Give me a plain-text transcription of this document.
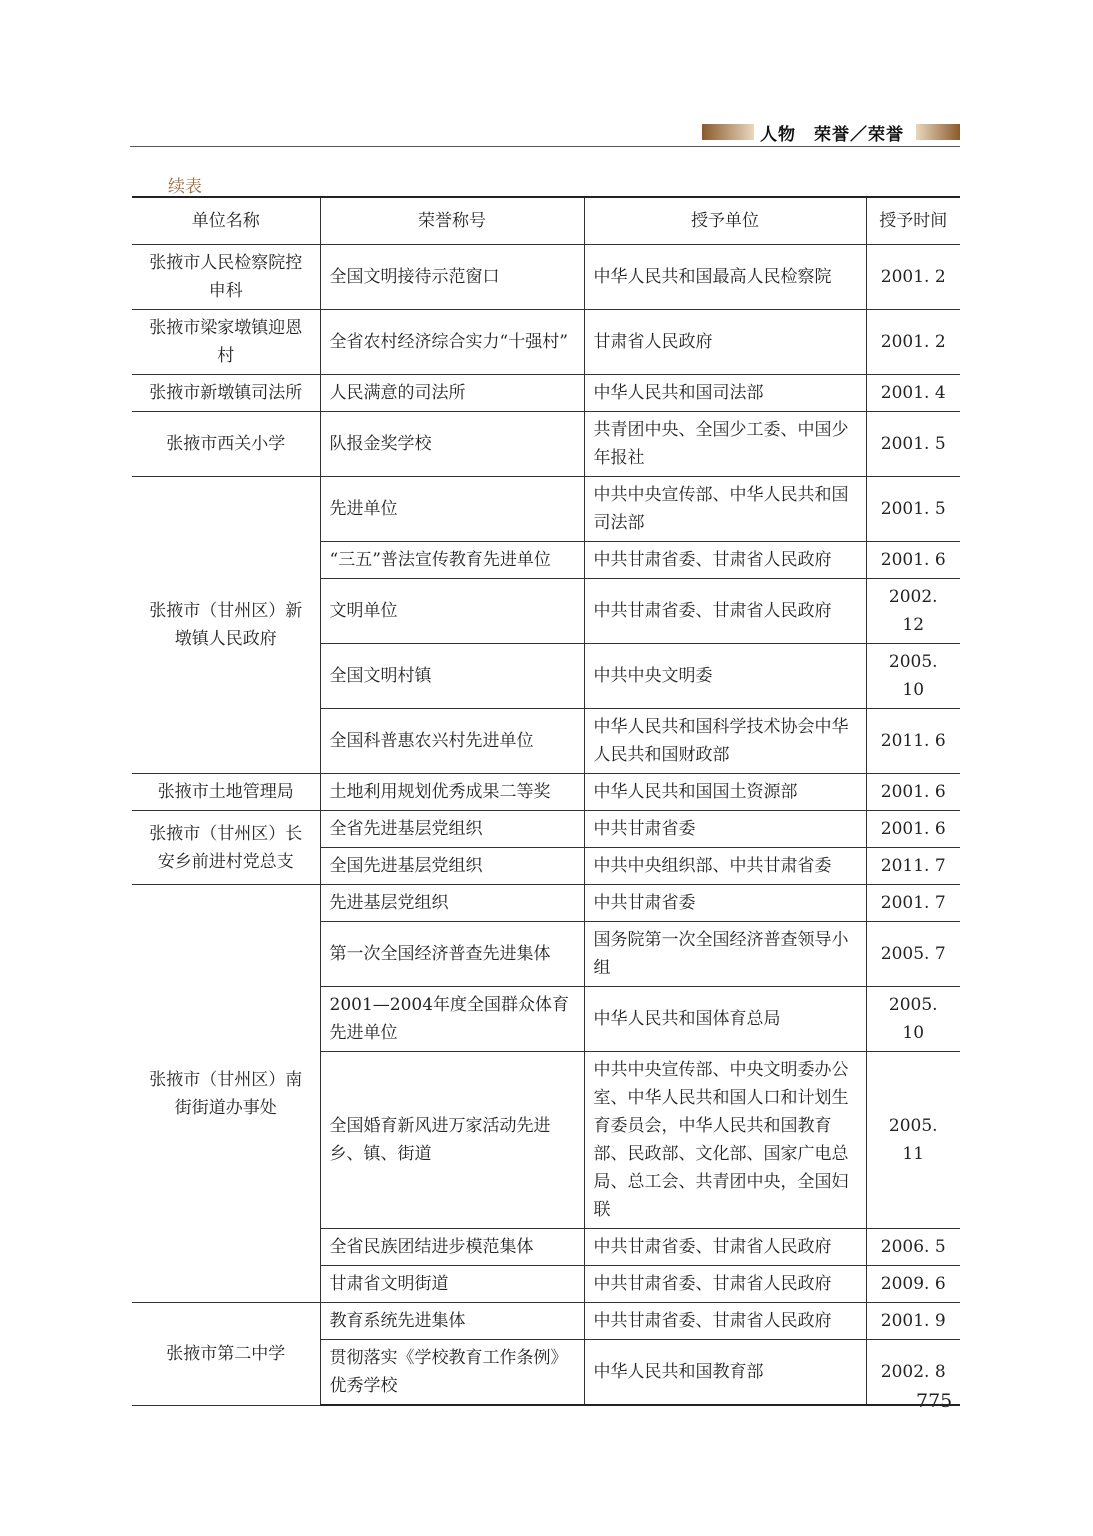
人物　荣誉／荣誉
续表
单位名称	荣誉称号	授予单位	授予时间
张掖市人民检察院控申科	全国文明接待示范窗口	中华人民共和国最高人民检察院	2001. 2
张掖市梁家墩镇迎恩村	全省农村经济综合实力“十强村”	甘肃省人民政府	2001. 2
张掖市新墩镇司法所	人民满意的司法所	中华人民共和国司法部	2001. 4
张掖市西关小学	队报金奖学校	共青团中央、全国少工委、中国少年报社	2001. 5
张掖市（甘州区）新墩镇人民政府	先进单位	中共中央宣传部、中华人民共和国司法部	2001. 5
	“三五”普法宣传教育先进单位	中共甘肃省委、甘肃省人民政府	2001. 6
	文明单位	中共甘肃省委、甘肃省人民政府	2002. 12
	全国文明村镇	中共中央文明委	2005. 10
	全国科普惠农兴村先进单位	中华人民共和国科学技术协会中华人民共和国财政部	2011. 6
张掖市土地管理局	土地利用规划优秀成果二等奖	中华人民共和国国土资源部	2001. 6
张掖市（甘州区）长安乡前进村党总支	全省先进基层党组织	中共甘肃省委	2001. 6
	全国先进基层党组织	中共中央组织部、中共甘肃省委	2011. 7
张掖市（甘州区）南街街道办事处	先进基层党组织	中共甘肃省委	2001. 7
	第一次全国经济普查先进集体	国务院第一次全国经济普查领导小组	2005. 7
	2001—2004年度全国群众体育先进单位	中华人民共和国体育总局	2005. 10
	全国婚育新风进万家活动先进乡、镇、街道	中共中央宣传部、中央文明委办公室、中华人民共和国人口和计划生育委员会，中华人民共和国教育部、民政部、文化部、国家广电总局、总工会、共青团中央，全国妇联	2005. 11
	全省民族团结进步模范集体	中共甘肃省委、甘肃省人民政府	2006. 5
	甘肃省文明街道	中共甘肃省委、甘肃省人民政府	2009. 6
张掖市第二中学	教育系统先进集体	中共甘肃省委、甘肃省人民政府	2001. 9
	贯彻落实《学校教育工作条例》优秀学校	中华人民共和国教育部	2002. 8
775
